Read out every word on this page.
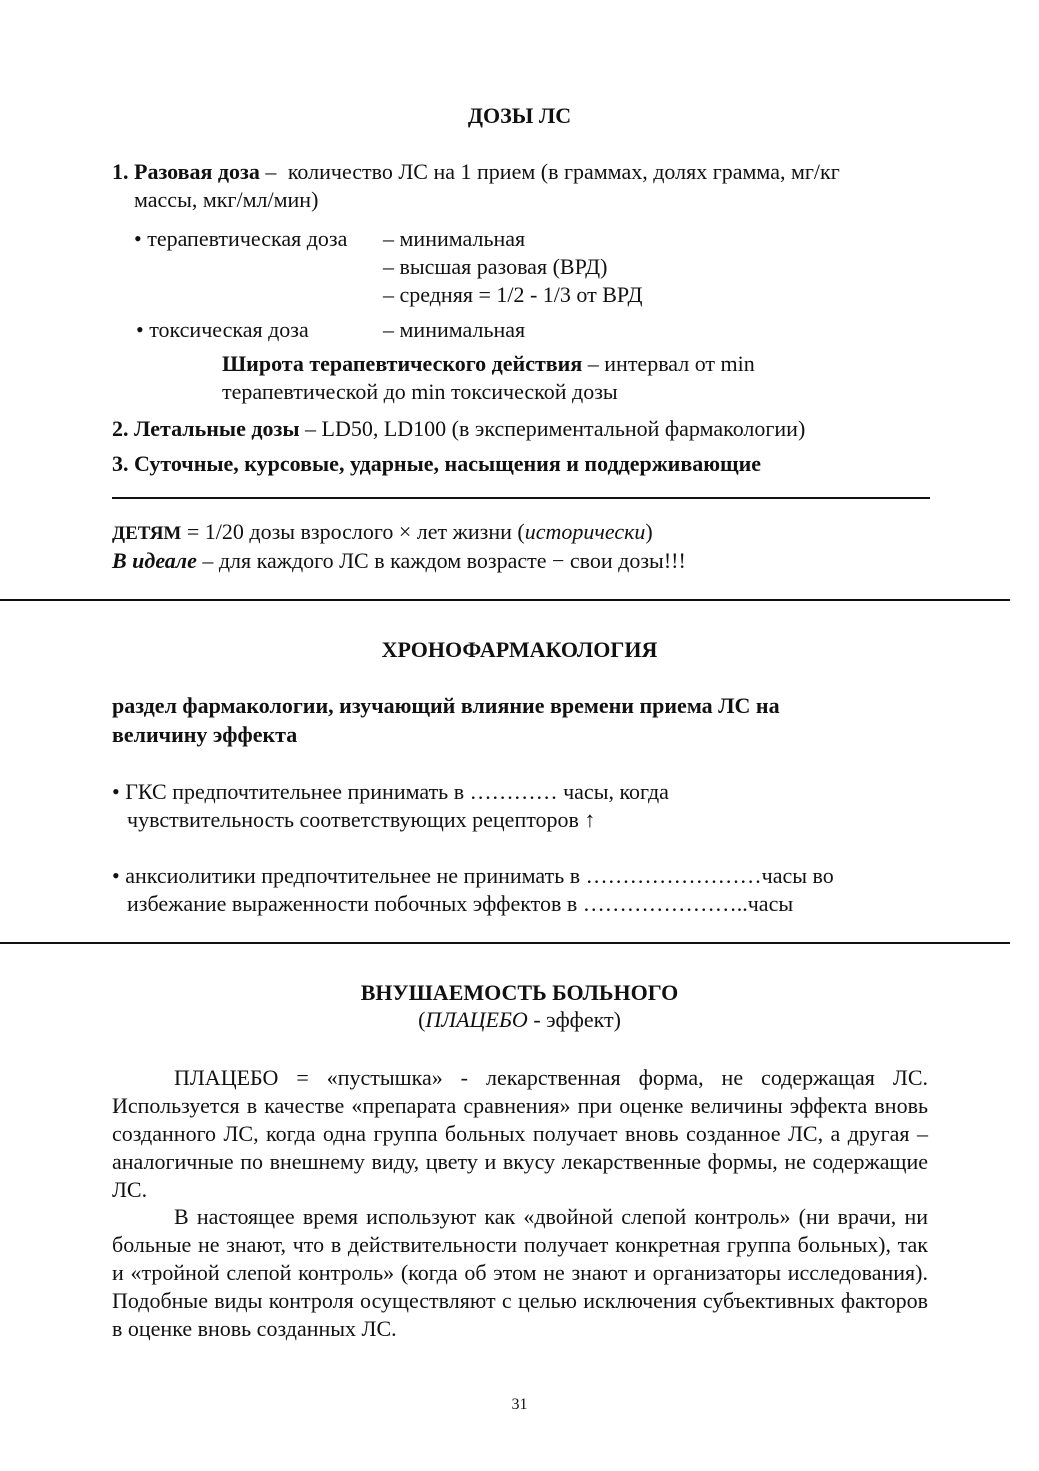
ДОЗЫ ЛС
1. Разовая доза – количество ЛС на 1 прием (в граммах, долях грамма, мг/кг
массы, мкг/мл/мин)
• терапевтическая доза – минимальная
– высшая разовая (ВРД)
– средняя = 1/2 - 1/3 от ВРД
• токсическая доза	– минимальная
Широта терапевтического действия – интервал от min
терапевтической до min токсической дозы
2. Летальные дозы – LD50, LD100 (в экспериментальной фармакологии)
3. Суточные, курсовые, ударные, насыщения и поддерживающие
ДЕТЯМ = 1/20 дозы взрослого × лет жизни (исторически)
В идеале – для каждого ЛС в каждом возрасте − свои дозы!!!
ХРОНОФАРМАКОЛОГИЯ
раздел фармакологии, изучающий влияние времени приема ЛС на
величину эффекта
• ГКС предпочтительнее принимать в ………… часы, когда
чувствительность соответствующих рецепторов ↑
• анксиолитики предпочтительнее не принимать в ……………………часы во
избежание выраженности побочных эффектов в …………………..часы
ВНУШАЕМОСТЬ БОЛЬНОГО
(ПЛАЦЕБО - эффект)
ПЛАЦЕБО = «пустышка» - лекарственная форма, не содержащая ЛС. Используется в качестве «препарата сравнения» при оценке величины эффекта вновь созданного ЛС, когда одна группа больных получает вновь созданное ЛС, а другая – аналогичные по внешнему виду, цвету и вкусу лекарственные формы, не содержащие ЛС.
В настоящее время используют как «двойной слепой контроль» (ни врачи, ни больные не знают, что в действительности получает конкретная группа больных), так и «тройной слепой контроль» (когда об этом не знают и организаторы исследования). Подобные виды контроля осуществляют с целью исключения субъективных факторов в оценке вновь созданных ЛС.
31
